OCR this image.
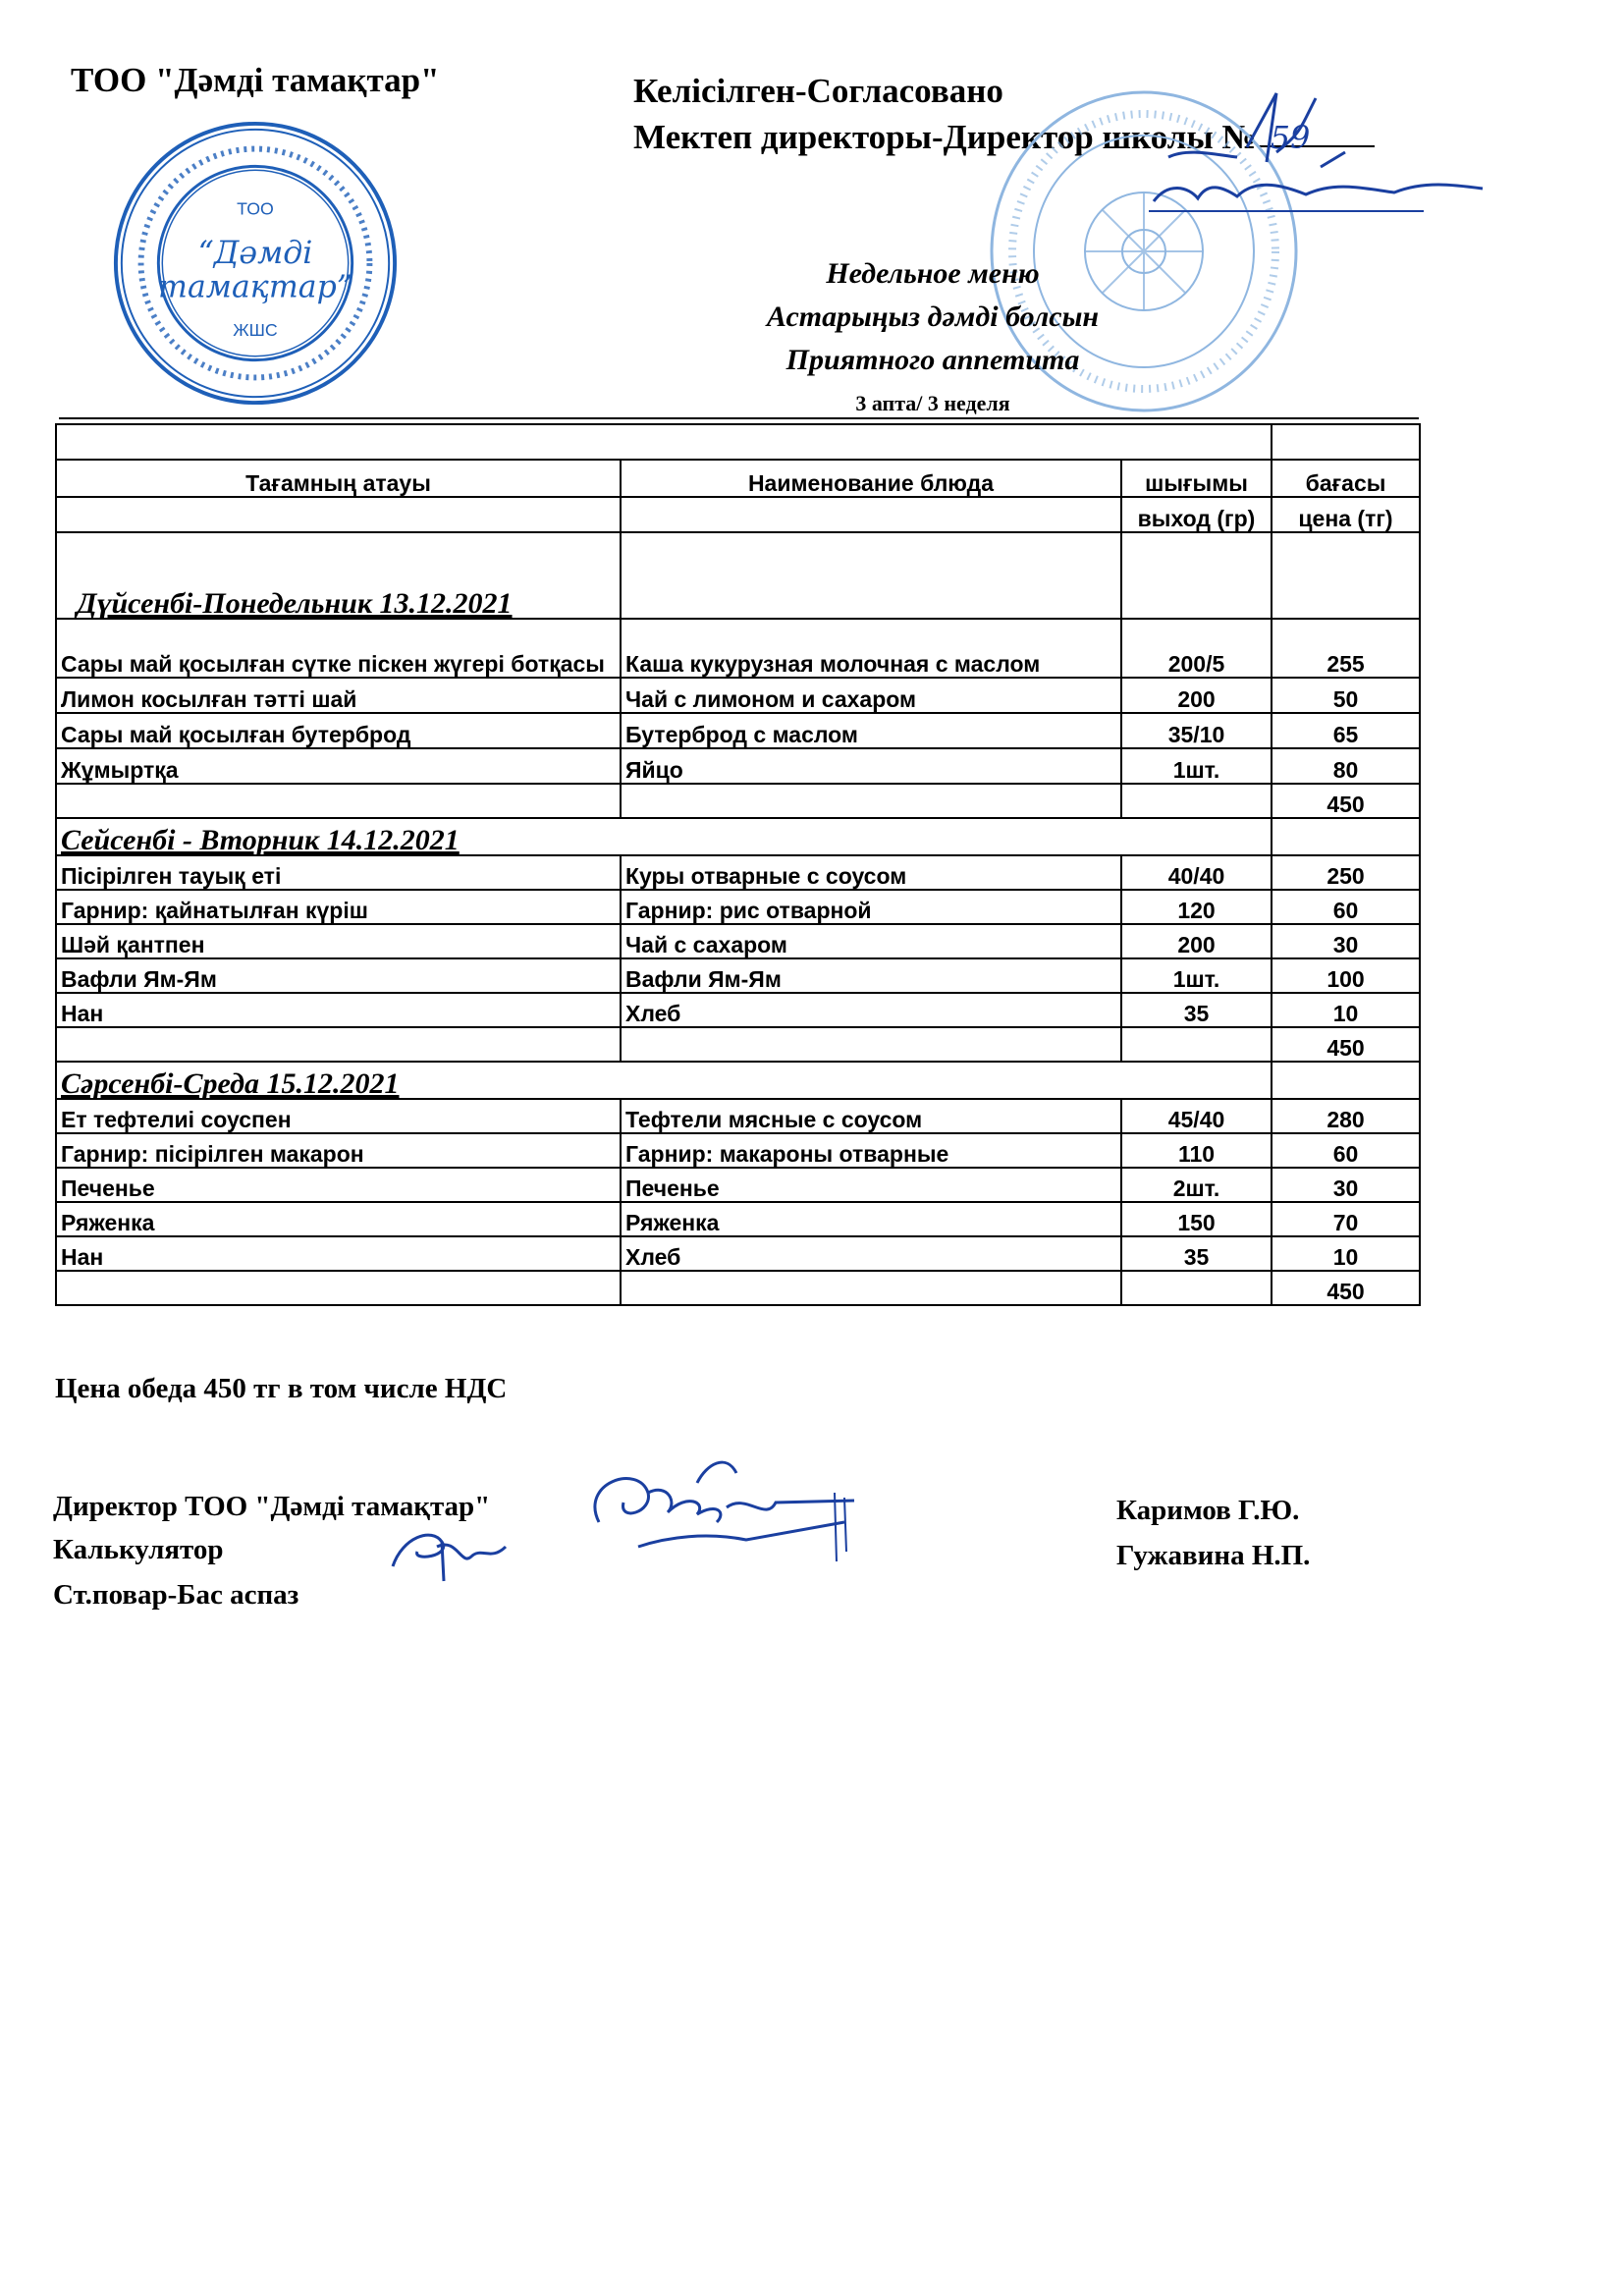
ТОО "Дәмді тамақтар"	Келісілген-Согласовано
Мектеп директоры-Директор школы № 59
ТОО
“Дәмді
тамақтар”
ЖШС
Недельное меню
Астарыңыз дәмді болсын
Приятного аппетита
3 апта/ 3 неделя

Тағамның атауы	Наименование блюда	шығымы	бағасы
		выход (гр)	цена (тг)
Дүйсенбі-Понедельник 13.12.2021			
Сары май қосылған сүтке піскен жүгері ботқасы	Каша кукурузная молочная с маслом	200/5	255
Лимон косылған тәтті шай	Чай с лимоном и сахаром	200	50
Сары май қосылған бутерброд	Бутерброд с маслом	35/10	65
Жұмыртқа	Яйцо	1шт.	80
			450
Сейсенбі - Вторник 14.12.2021			
Пісірілген тауық еті	Куры отварные с соусом	40/40	250
Гарнир: қайнатылған күріш	Гарнир: рис отварной	120	60
Шәй қантпен	Чай с сахаром	200	30
Вафли Ям-Ям	Вафли Ям-Ям	1шт.	100
Нан	Хлеб	35	10
			450
Сәрсенбі-Среда 15.12.2021			
Ет тефтелиі соуспен	Тефтели мясные с соусом	45/40	280
Гарнир: пісірілген макарон	Гарнир: макароны отварные	110	60
Печенье	Печенье	2шт.	30
Ряженка	Ряженка	150	70
Нан	Хлеб	35	10
			450
Цена обеда 450 тг в том числе НДС
Директор ТОО "Дәмді тамақтар"	Каримов Г.Ю.
Калькулятор	Гужавина Н.П.
Ст.повар-Бас аспаз
